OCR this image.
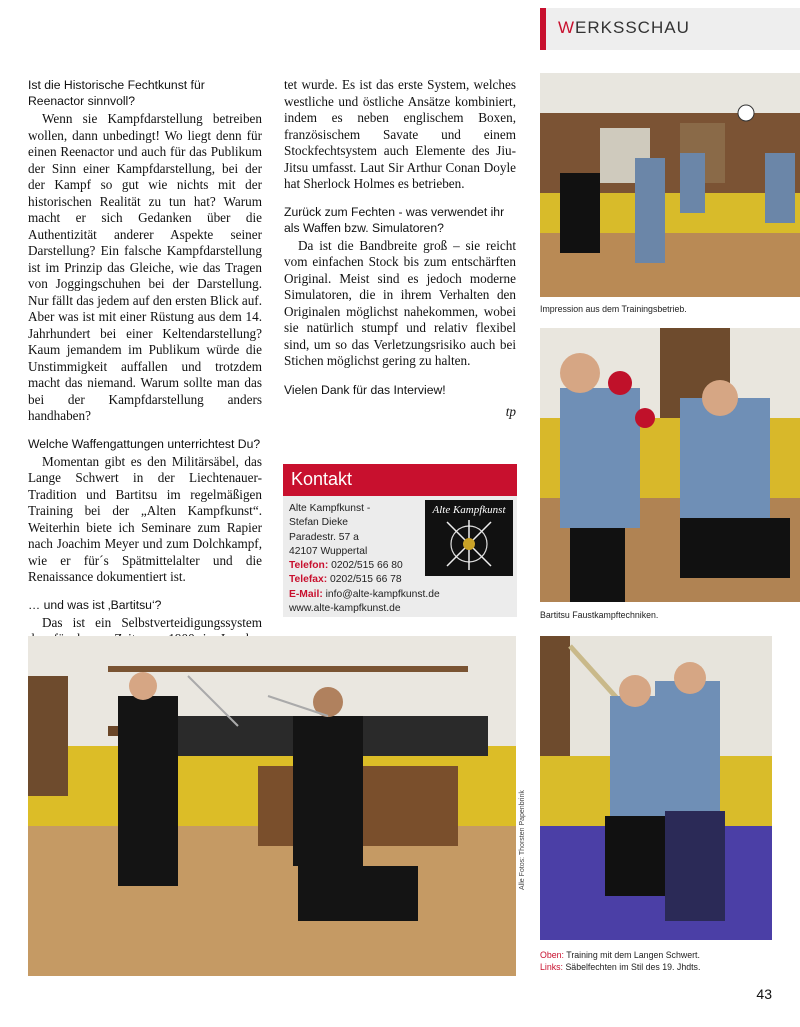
WERKSSCHAU

Ist die Historische Fechtkunst für Reenactor sinnvoll?

Wenn sie Kampfdarstellung betreiben wollen, dann unbedingt! Wo liegt denn für einen Reenactor und auch für das Publikum der Sinn einer Kampfdarstellung, bei der der Kampf so gut wie nichts mit der historischen Realität zu tun hat? Warum macht er sich Gedanken über die Authentizität anderer Aspekte seiner Darstellung? Ein falsche Kampfdarstellung ist im Prinzip das Gleiche, wie das Tragen von Joggingschuhen bei der Darstellung. Nur fällt das jedem auf den ersten Blick auf. Aber was ist mit einer Rüstung aus dem 14. Jahrhundert bei einer Keltendarstellung? Kaum jemandem im Publikum würde die Unstimmigkeit auffallen und trotzdem macht das niemand. Warum sollte man das bei der Kampfdarstellung anders handhaben?

Welche Waffengattungen unterrichtest Du?

Momentan gibt es den Militärsäbel, das Lange Schwert in der Liechtenauer-Tradition und Bartitsu im regelmäßigen Training bei der „Alten Kampfkunst“. Weiterhin biete ich Seminare zum Rapier nach Joachim Meyer und zum Dolchkampf, wie er für´s Spätmittelalter und die Renaissance dokumentiert ist.

… und was ist ‚Bartitsu‘?

Das ist ein Selbstverteidigungssystem

tet wurde. Es ist das erste System, welches westliche und östliche Ansätze kombiniert, indem es neben englischem Boxen, französischem Savate und einem Stockfechtsystem auch Elemente des Jiu-Jitsu umfasst. Laut Sir Arthur Conan Doyle hat Sherlock Holmes es betrieben.

Zurück zum Fechten - was verwendet ihr als Waffen bzw. Simulatoren?

Da ist die Bandbreite groß – sie reicht vom einfachen Stock bis zum entschärften Original. Meist sind es jedoch moderne Simulatoren, die in ihrem Verhalten den Originalen möglichst nahekommen, wobei sie natürlich stumpf und relativ flexibel sind, um so das Verletzungsrisiko auch bei Stichen möglichst gering zu halten.

Vielen Dank für das Interview!

tp
Kontakt
Alte Kampfkunst -
Stefan Dieke
Paradestr. 57 a
42107 Wuppertal
Telefon: 0202/515 66 80
Telefax: 0202/515 66 78
E-Mail: info@alte-kampfkunst.de
www.alte-kampfkunst.de
Alte Kampfkunst
Impression aus dem Trainingsbetrieb.
Bartitsu Faustkampftechniken.
Oben: Training mit dem Langen Schwert.
Links: Säbelfechten im Stil des 19. Jhdts.
Alle Fotos: Thorsten Papenbrink
43
